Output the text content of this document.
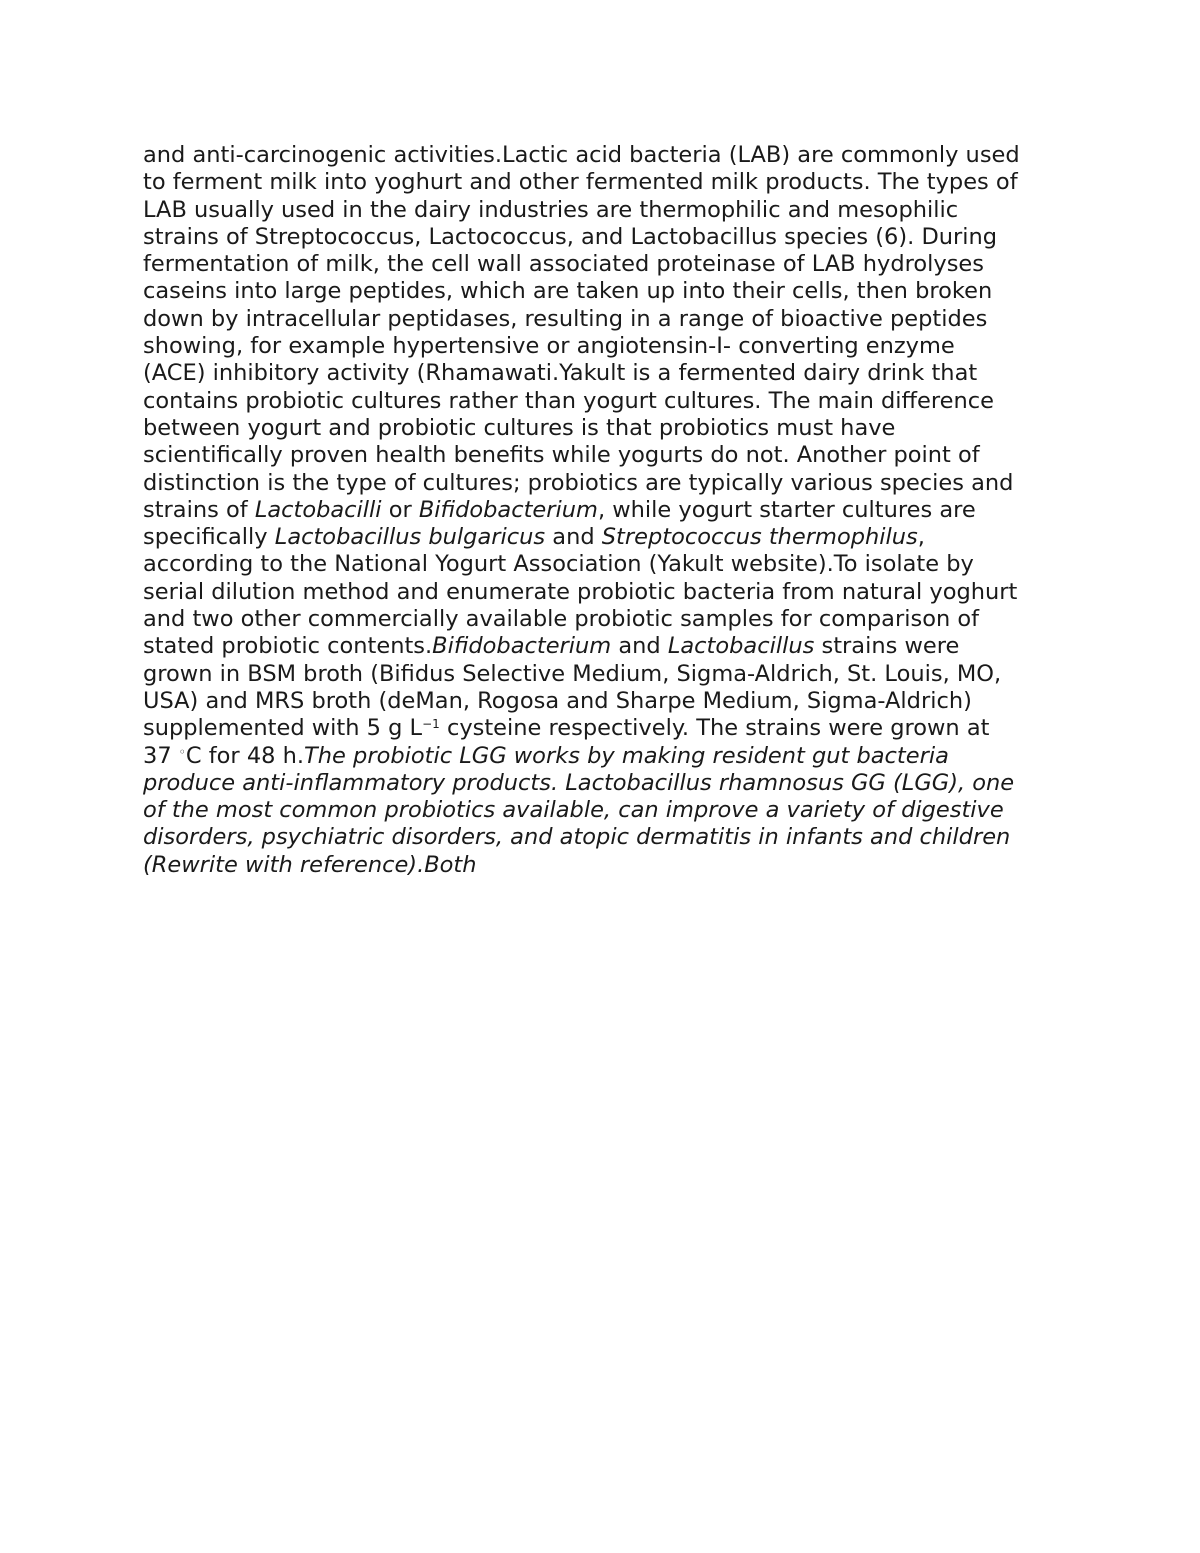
and anti-carcinogenic activities.Lactic acid bacteria (LAB) are commonly used
to ferment milk into yoghurt and other fermented milk products. The types of
LAB usually used in the dairy industries are thermophilic and mesophilic
strains of Streptococcus, Lactococcus, and Lactobacillus species (6). During
fermentation of milk, the cell wall associated proteinase of LAB hydrolyses
caseins into large peptides, which are taken up into their cells, then broken
down by intracellular peptidases, resulting in a range of bioactive peptides
showing, for example hypertensive or angiotensin-I- converting enzyme
(ACE) inhibitory activity (Rhamawati.Yakult is a fermented dairy drink that
contains probiotic cultures rather than yogurt cultures. The main difference
between yogurt and probiotic cultures is that probiotics must have
scientifically proven health benefits while yogurts do not. Another point of
distinction is the type of cultures; probiotics are typically various species and
strains of Lactobacilli or Bifidobacterium, while yogurt starter cultures are
specifically Lactobacillus bulgaricus and Streptococcus thermophilus,
according to the National Yogurt Association (Yakult website).To isolate by
serial dilution method and enumerate probiotic bacteria from natural yoghurt
and two other commercially available probiotic samples for comparison of
stated probiotic contents.Bifidobacterium and Lactobacillus strains were
grown in BSM broth (Bifidus Selective Medium, Sigma-Aldrich, St. Louis, MO,
USA) and MRS broth (deMan, Rogosa and Sharpe Medium, Sigma-Aldrich)
supplemented with 5 g $L^{-1}$ cysteine respectively. The strains were grown at
37 ◦C for 48 h.The probiotic LGG works by making resident gut bacteria
produce anti-inflammatory products. Lactobacillus rhamnosus GG (LGG), one
of the most common probiotics available, can improve a variety of digestive
disorders, psychiatric disorders, and atopic dermatitis in infants and children
(Rewrite with reference).Both
